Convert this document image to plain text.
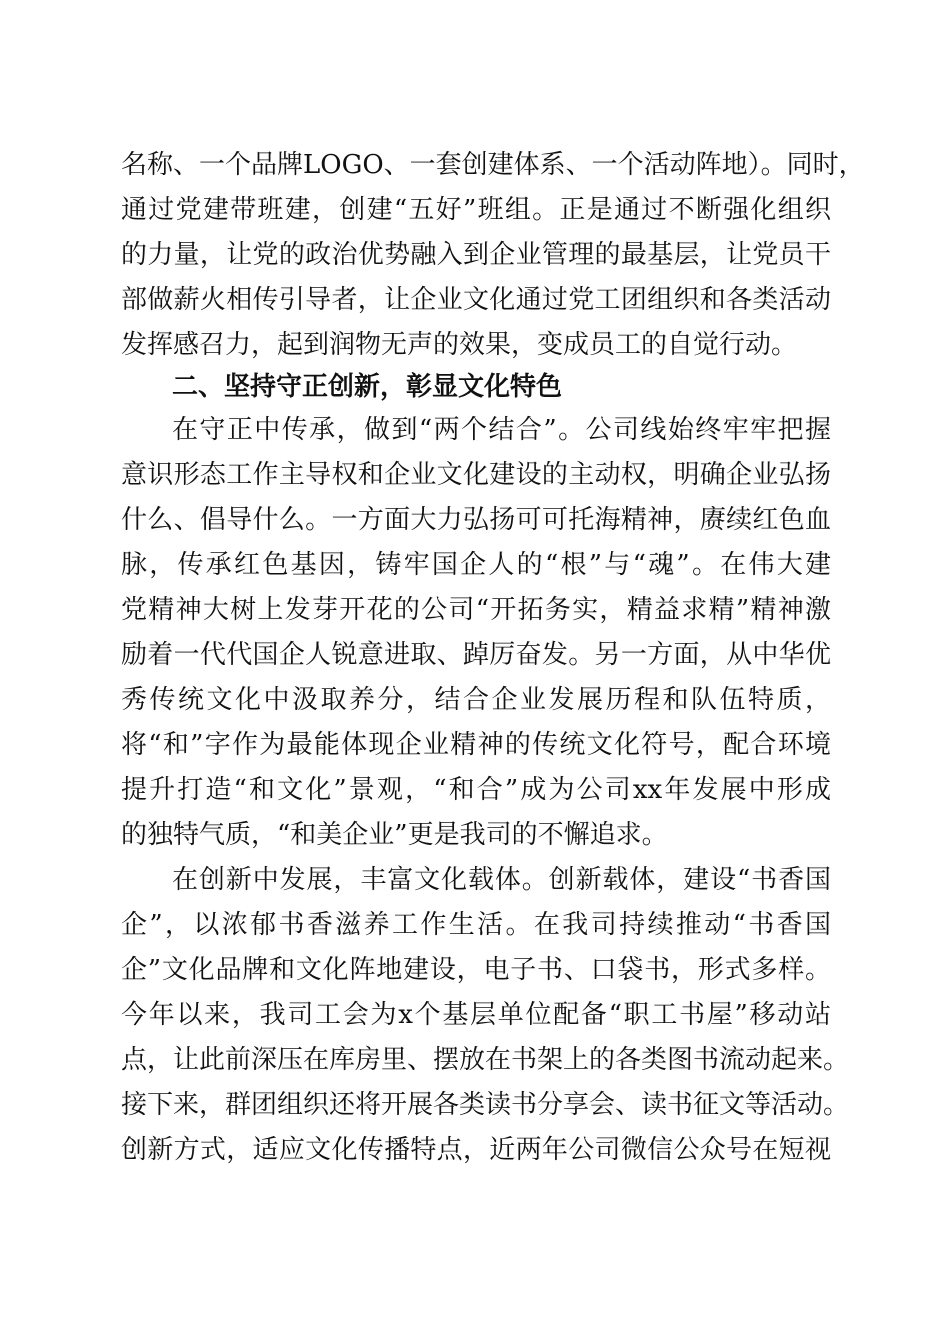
名称、一个品牌LOGO、一套创建体系、一个活动阵地）。同时，
通过党建带班建，创建“五好”班组。正是通过不断强化组织
的力量，让党的政治优势融入到企业管理的最基层，让党员干
部做薪火相传引导者，让企业文化通过党工团组织和各类活动
发挥感召力，起到润物无声的效果，变成员工的自觉行动。
二、坚持守正创新，彰显文化特色
在守正中传承，做到“两个结合”。公司线始终牢牢把握
意识形态工作主导权和企业文化建设的主动权，明确企业弘扬
什么、倡导什么。一方面大力弘扬可可托海精神，赓续红色血
脉，传承红色基因，铸牢国企人的“根”与“魂”。在伟大建
党精神大树上发芽开花的公司“开拓务实，精益求精”精神激
励着一代代国企人锐意进取、踔厉奋发。另一方面，从中华优
秀传统文化中汲取养分，结合企业发展历程和队伍特质，
将“和”字作为最能体现企业精神的传统文化符号，配合环境
提升打造“和文化”景观，“和合”成为公司xx年发展中形成
的独特气质，“和美企业”更是我司的不懈追求。
在创新中发展，丰富文化载体。创新载体，建设“书香国
企”，以浓郁书香滋养工作生活。在我司持续推动“书香国
企”文化品牌和文化阵地建设，电子书、口袋书，形式多样。
今年以来，我司工会为x个基层单位配备“职工书屋”移动站
点，让此前深压在库房里、摆放在书架上的各类图书流动起来。
接下来，群团组织还将开展各类读书分享会、读书征文等活动。
创新方式，适应文化传播特点，近两年公司微信公众号在短视
